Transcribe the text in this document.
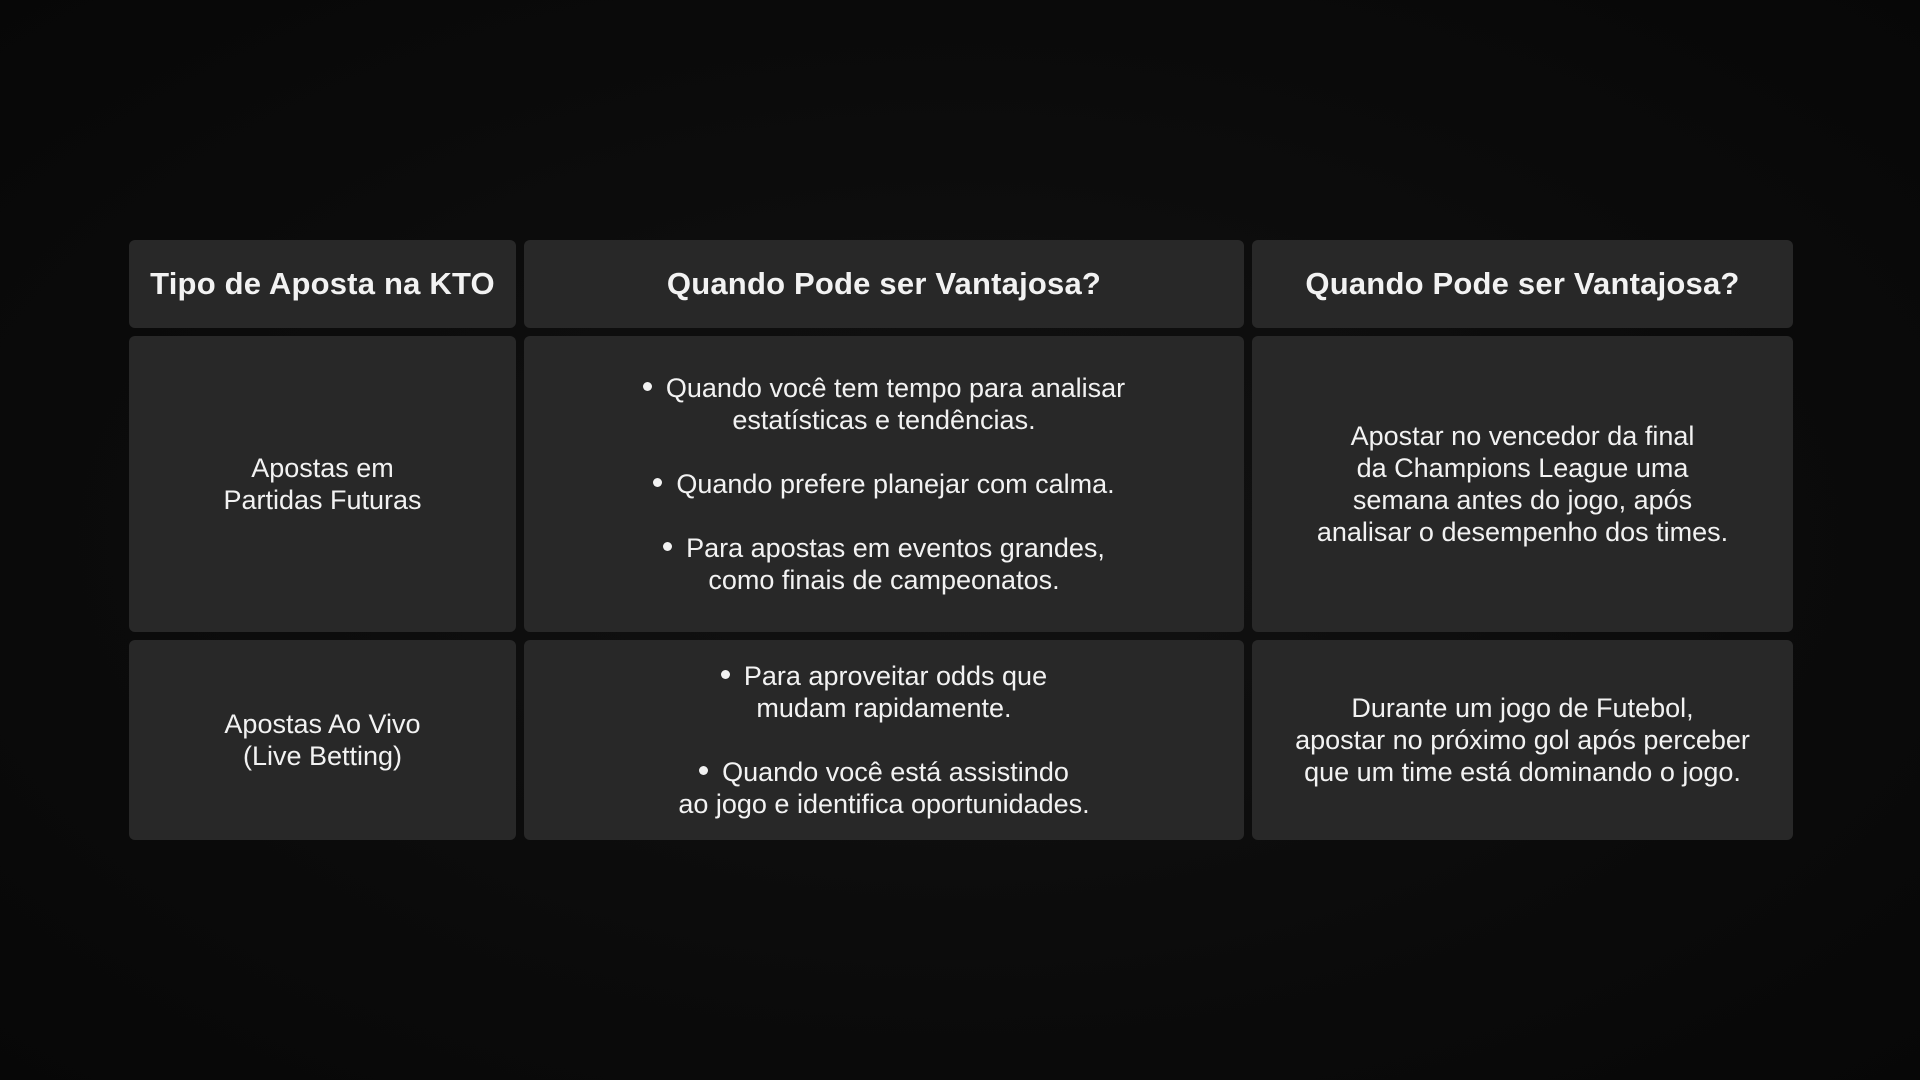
Tipo de Aposta na KTO	Quando Pode ser Vantajosa?	Quando Pode ser Vantajosa?
Apostas em
Partidas Futuras
Quando você tem tempo para analisar
estatísticas e tendências.
Quando prefere planejar com calma.
Para apostas em eventos grandes,
como finais de campeonatos.
Apostar no vencedor da final
da Champions League uma
semana antes do jogo, após
analisar o desempenho dos times.
Apostas Ao Vivo
(Live Betting)
Para aproveitar odds que
mudam rapidamente.
Quando você está assistindo
ao jogo e identifica oportunidades.
Durante um jogo de Futebol,
apostar no próximo gol após perceber
que um time está dominando o jogo.
